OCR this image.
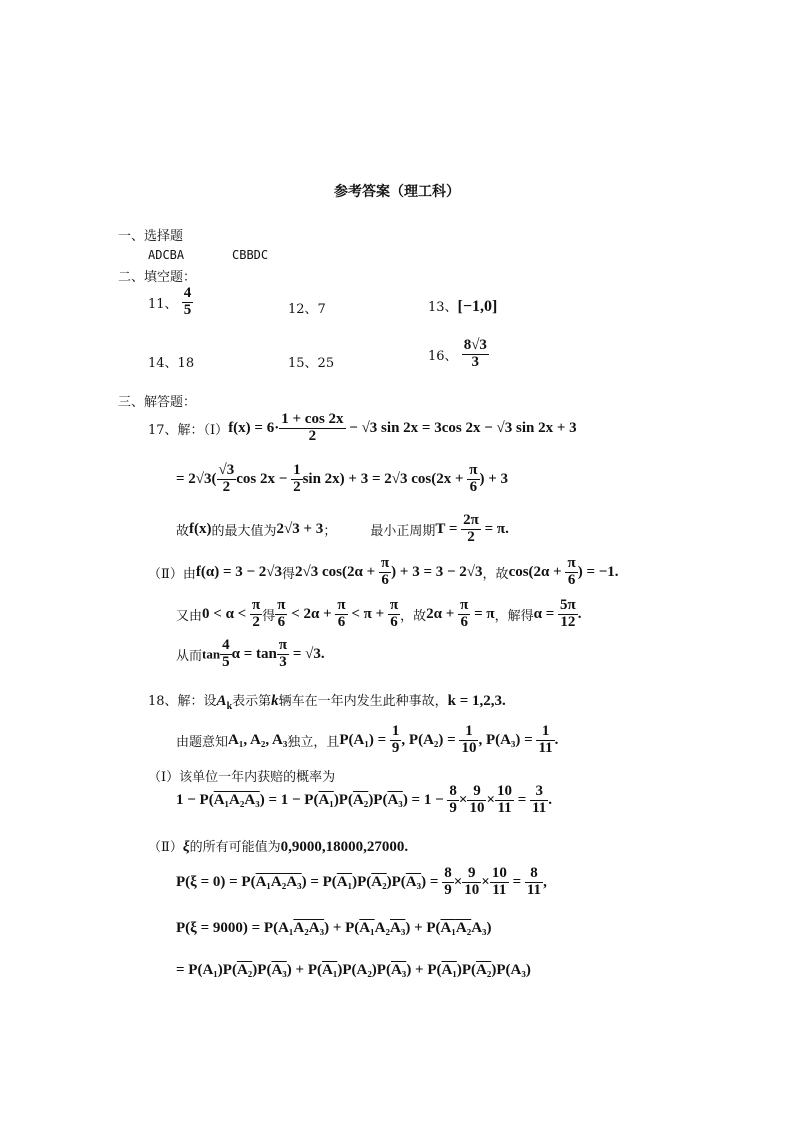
参考答案（理工科）
一、选择题
ADCBA	CBBDC
二、填空题：
11、 $\frac{4}{5}$	12、7	13、[−1,0]
14、18	15、25	16、 $\frac{8√3}{3}$
三、解答题：
17、解：（Ⅰ）f(x) = $6\cdot \frac{1 + \cos 2x}{2} - √3$ sin 2x = 3cos 2x − √3 sin 2x + 3
= $2√3( \frac{√3}{2}$ $\cos 2x - \frac{1}{2}$ sin 2x) + 3 = 2√3 $\cos(2x + \frac{\pi}{6}$ ) + 3
故f(x)的最大值为2√3 + 3；	最小正周期$T = \frac{2\pi}{2} = \pi$.
（Ⅱ）由f(α) = 3 − 2√3得2√3 $\cos(2\alpha + \frac{\pi}{6}$ ) + 3 = 3 − 2√3，故$\cos(2\alpha + \frac{\pi}{6}$ ) = −1.
又由$0 < \alpha < \frac{\pi}{2}$ 得 $\frac{\pi}{6} < 2\alpha + \frac{\pi}{6} < \pi + \frac{\pi}{6}$ ，故$2\alpha + \frac{\pi}{6} = \pi$，解得$\alpha = \frac{5\pi}{12}$ .
从而$\tan \frac{4}{5}$ $\alpha = \tan \frac{\pi}{3} = √3$.
18、解：设$A_k$表示第k辆车在一年内发生此种事故，k = 1,2,3.
由题意知A₁, A₂, A₃独立，且$P(A_1) = \frac{1}{9}$ , $P(A_2) = \frac{1}{10}$ , $P(A_3) = \frac{1}{11}$ .
（Ⅰ）该单位一年内获赔的概率为
$1 - P(A_1A_2A_3) = 1 - P(A_1)P(A_2)P(A_3) = 1 - \frac{8}{9} \times \frac{9}{10} \times \frac{10}{11} = \frac{3}{11}$ .
（Ⅱ）ξ的所有可能值为0,9000,18000,27000.
$P(\xi = 0) = P(A_1A_2A_3) = P(A_1)P(A_2)P(A_3) = \frac{8}{9} \times \frac{9}{10} \times \frac{10}{11} = \frac{8}{11}$ ,
P(ξ = 9000) = P(A₁A₂A₃) + P(A₁A₂A₃) + P(A₁A₂A₃)
= P(A₁)P(A₂)P(A₃) + P(A₁)P(A₂)P(A₃) + P(A₁)P(A₂)P(A₃)
